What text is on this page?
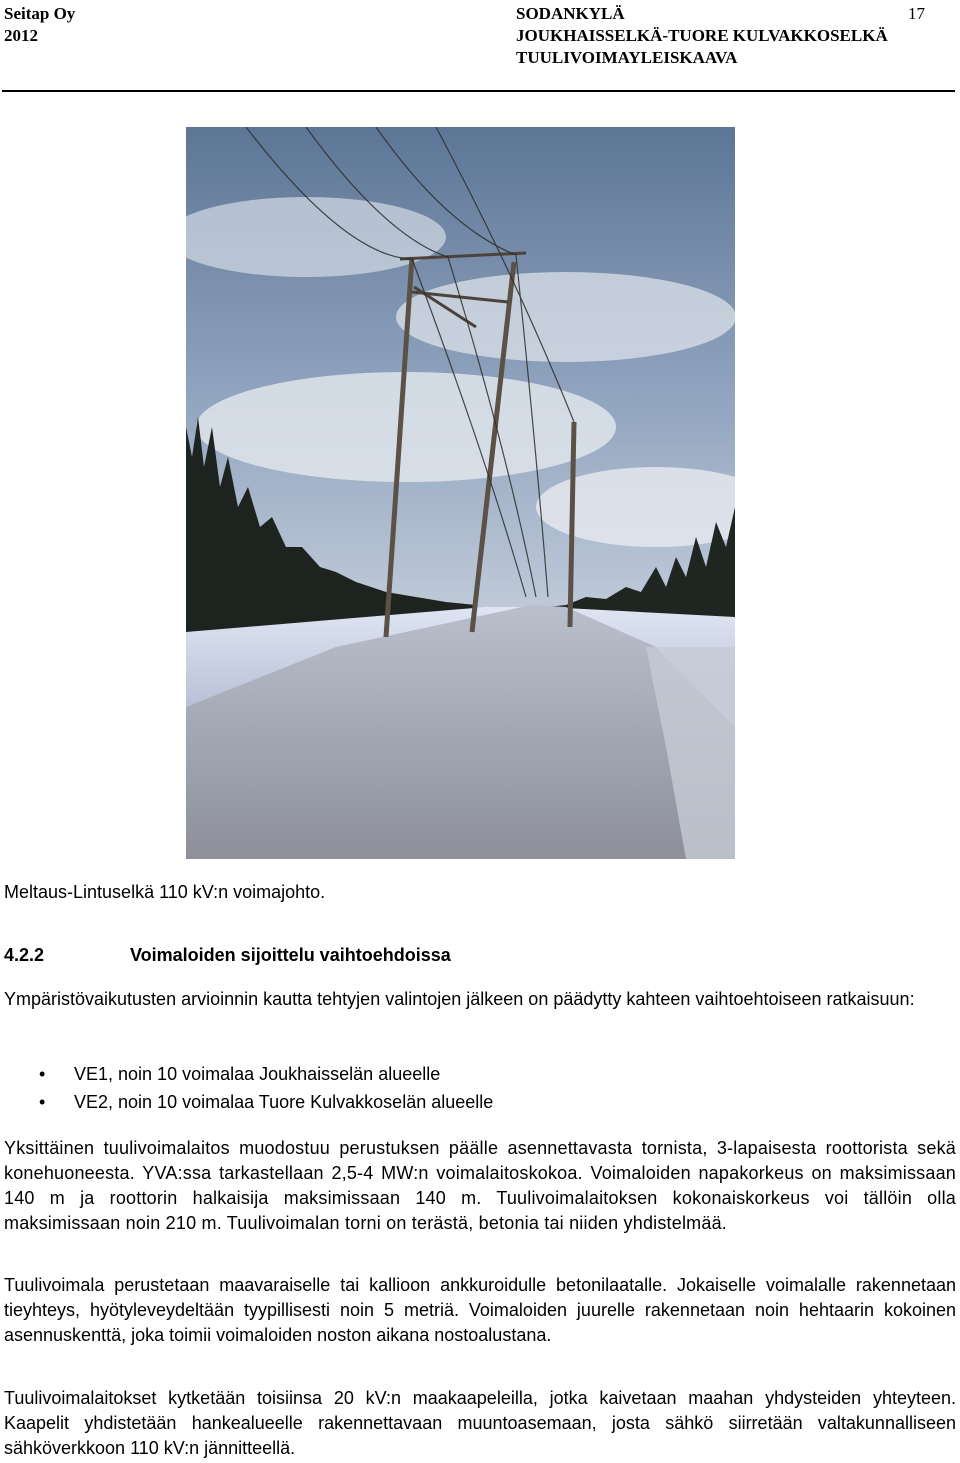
Seitap Oy
2012
SODANKYLÄ
JOUKHAISSELKÄ-TUORE KULVAKKOSELKÄ
TUULIVOIMAYLEISKAAVA
17
Meltaus-Lintuselkä 110 kV:n voimajohto.
4.2.2	Voimaloiden sijoittelu vaihtoehdoissa
Ympäristövaikutusten arvioinnin kautta tehtyjen valintojen jälkeen on päädytty kahteen vaihtoehtoiseen ratkaisuun:
• VE1, noin 10 voimalaa Joukhaisselän alueelle
• VE2, noin 10 voimalaa Tuore Kulvakkoselän alueelle
Yksittäinen tuulivoimalaitos muodostuu perustuksen päälle asennettavasta tornista, 3-lapaisesta roottorista sekä konehuoneesta. YVA:ssa tarkastellaan 2,5-4 MW:n voimalaitoskokoa. Voimaloiden napakorkeus on maksimissaan 140 m ja roottorin halkaisija maksimissaan 140 m. Tuulivoimalaitoksen kokonaiskorkeus voi tällöin olla maksimissaan noin 210 m. Tuulivoimalan torni on terästä, betonia tai niiden yhdistelmää.
Tuulivoimala perustetaan maavaraiselle tai kallioon ankkuroidulle betonilaatalle. Jokaiselle voimalalle rakennetaan tieyhteys, hyötyleveydeltään tyypillisesti noin 5 metriä. Voimaloiden juurelle rakennetaan noin hehtaarin kokoinen asennuskenttä, joka toimii voimaloiden noston aikana nostoalustana.
Tuulivoimalaitokset kytketään toisiinsa 20 kV:n maakaapeleilla, jotka kaivetaan maahan yhdysteiden yhteyteen. Kaapelit yhdistetään hankealueelle rakennettavaan muuntoasemaan, josta sähkö siirretään valtakunnalliseen sähköverkkoon 110 kV:n jännitteellä.
